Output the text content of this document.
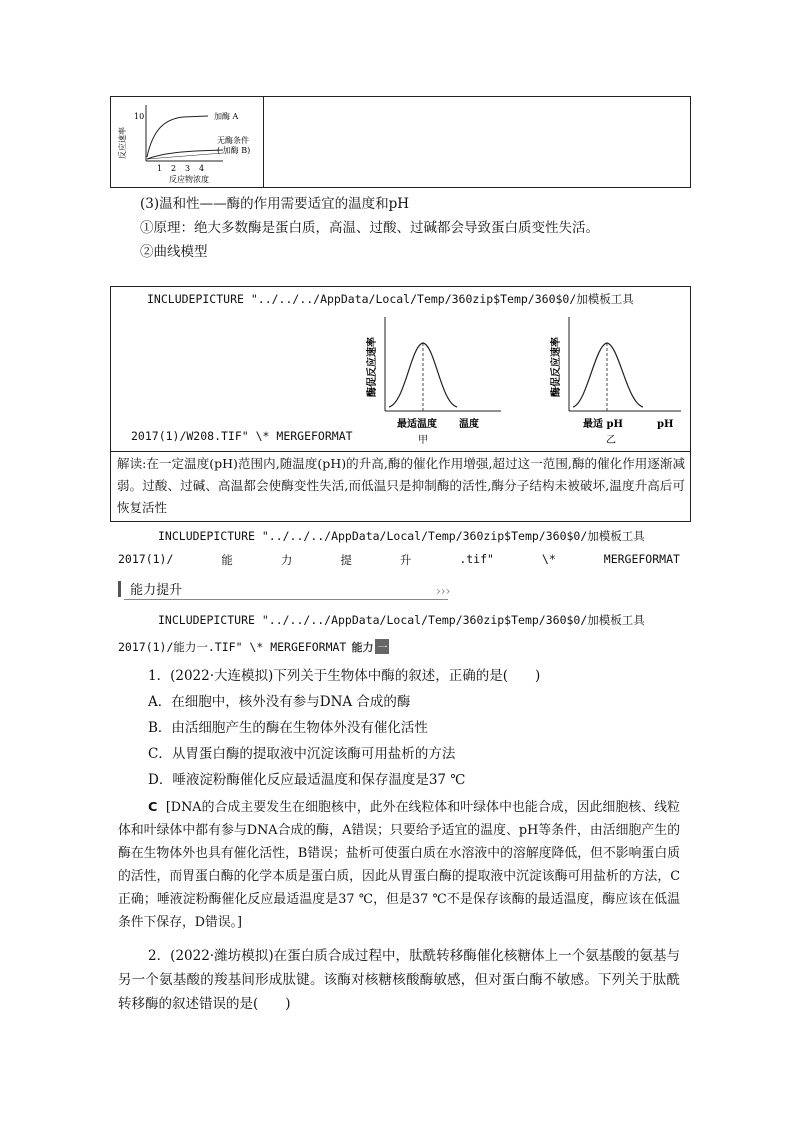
反应速率
10	加酶 A
无酶条件
( 加酶 B)
1 2 3 4
反应物浓度
(3)温和性——酶的作用需要适宜的温度和pH
①原理：绝大多数酶是蛋白质，高温、过酸、过碱都会导致蛋白质变性失活。
②曲线模型
INCLUDEPICTURE "../../../AppData/Local/Temp/360zip$Temp/360$0/加模板工具
酶促反应速率
最适温度 温度
甲
酶促反应速率
最适 pH	pH
乙
2017(1)/W208.TIF" \* MERGEFORMAT
解读:在一定温度(pH)范围内,随温度(pH)的升高,酶的催化作用增强,超过这一范围,酶的催化作用逐渐减弱。过酸、过碱、高温都会使酶变性失活,而低温只是抑制酶的活性,酶分子结构未被破坏,温度升高后可恢复活性
INCLUDEPICTURE "../../../AppData/Local/Temp/360zip$Temp/360$0/加模板工具
2017(1)/	能	力	提	升	.tif"	\*	MERGEFORMAT
能力提升	›››
INCLUDEPICTURE "../../../AppData/Local/Temp/360zip$Temp/360$0/加模板工具
2017(1)/能力一.TIF" \* MERGEFORMAT 能力 一
1．(2022·大连模拟)下列关于生物体中酶的叙述，正确的是(　　)
A．在细胞中，核外没有参与DNA 合成的酶
B．由活细胞产生的酶在生物体外没有催化活性
C．从胃蛋白酶的提取液中沉淀该酶可用盐析的方法
D．唾液淀粉酶催化反应最适温度和保存温度是37 ℃
C [DNA的合成主要发生在细胞核中，此外在线粒体和叶绿体中也能合成，因此细胞核、线粒体和叶绿体中都有参与DNA合成的酶，A错误；只要给予适宜的温度、pH等条件，由活细胞产生的酶在生物体外也具有催化活性，B错误；盐析可使蛋白质在水溶液中的溶解度降低，但不影响蛋白质的活性，而胃蛋白酶的化学本质是蛋白质，因此从胃蛋白酶的提取液中沉淀该酶可用盐析的方法，C正确；唾液淀粉酶催化反应最适温度是37 ℃，但是37 ℃不是保存该酶的最适温度，酶应该在低温条件下保存，D错误。]
2．(2022·潍坊模拟)在蛋白质合成过程中，肽酰转移酶催化核糖体上一个氨基酸的氨基与另一个氨基酸的羧基间形成肽键。该酶对核糖核酸酶敏感，但对蛋白酶不敏感。下列关于肽酰转移酶的叙述错误的是(　　)
